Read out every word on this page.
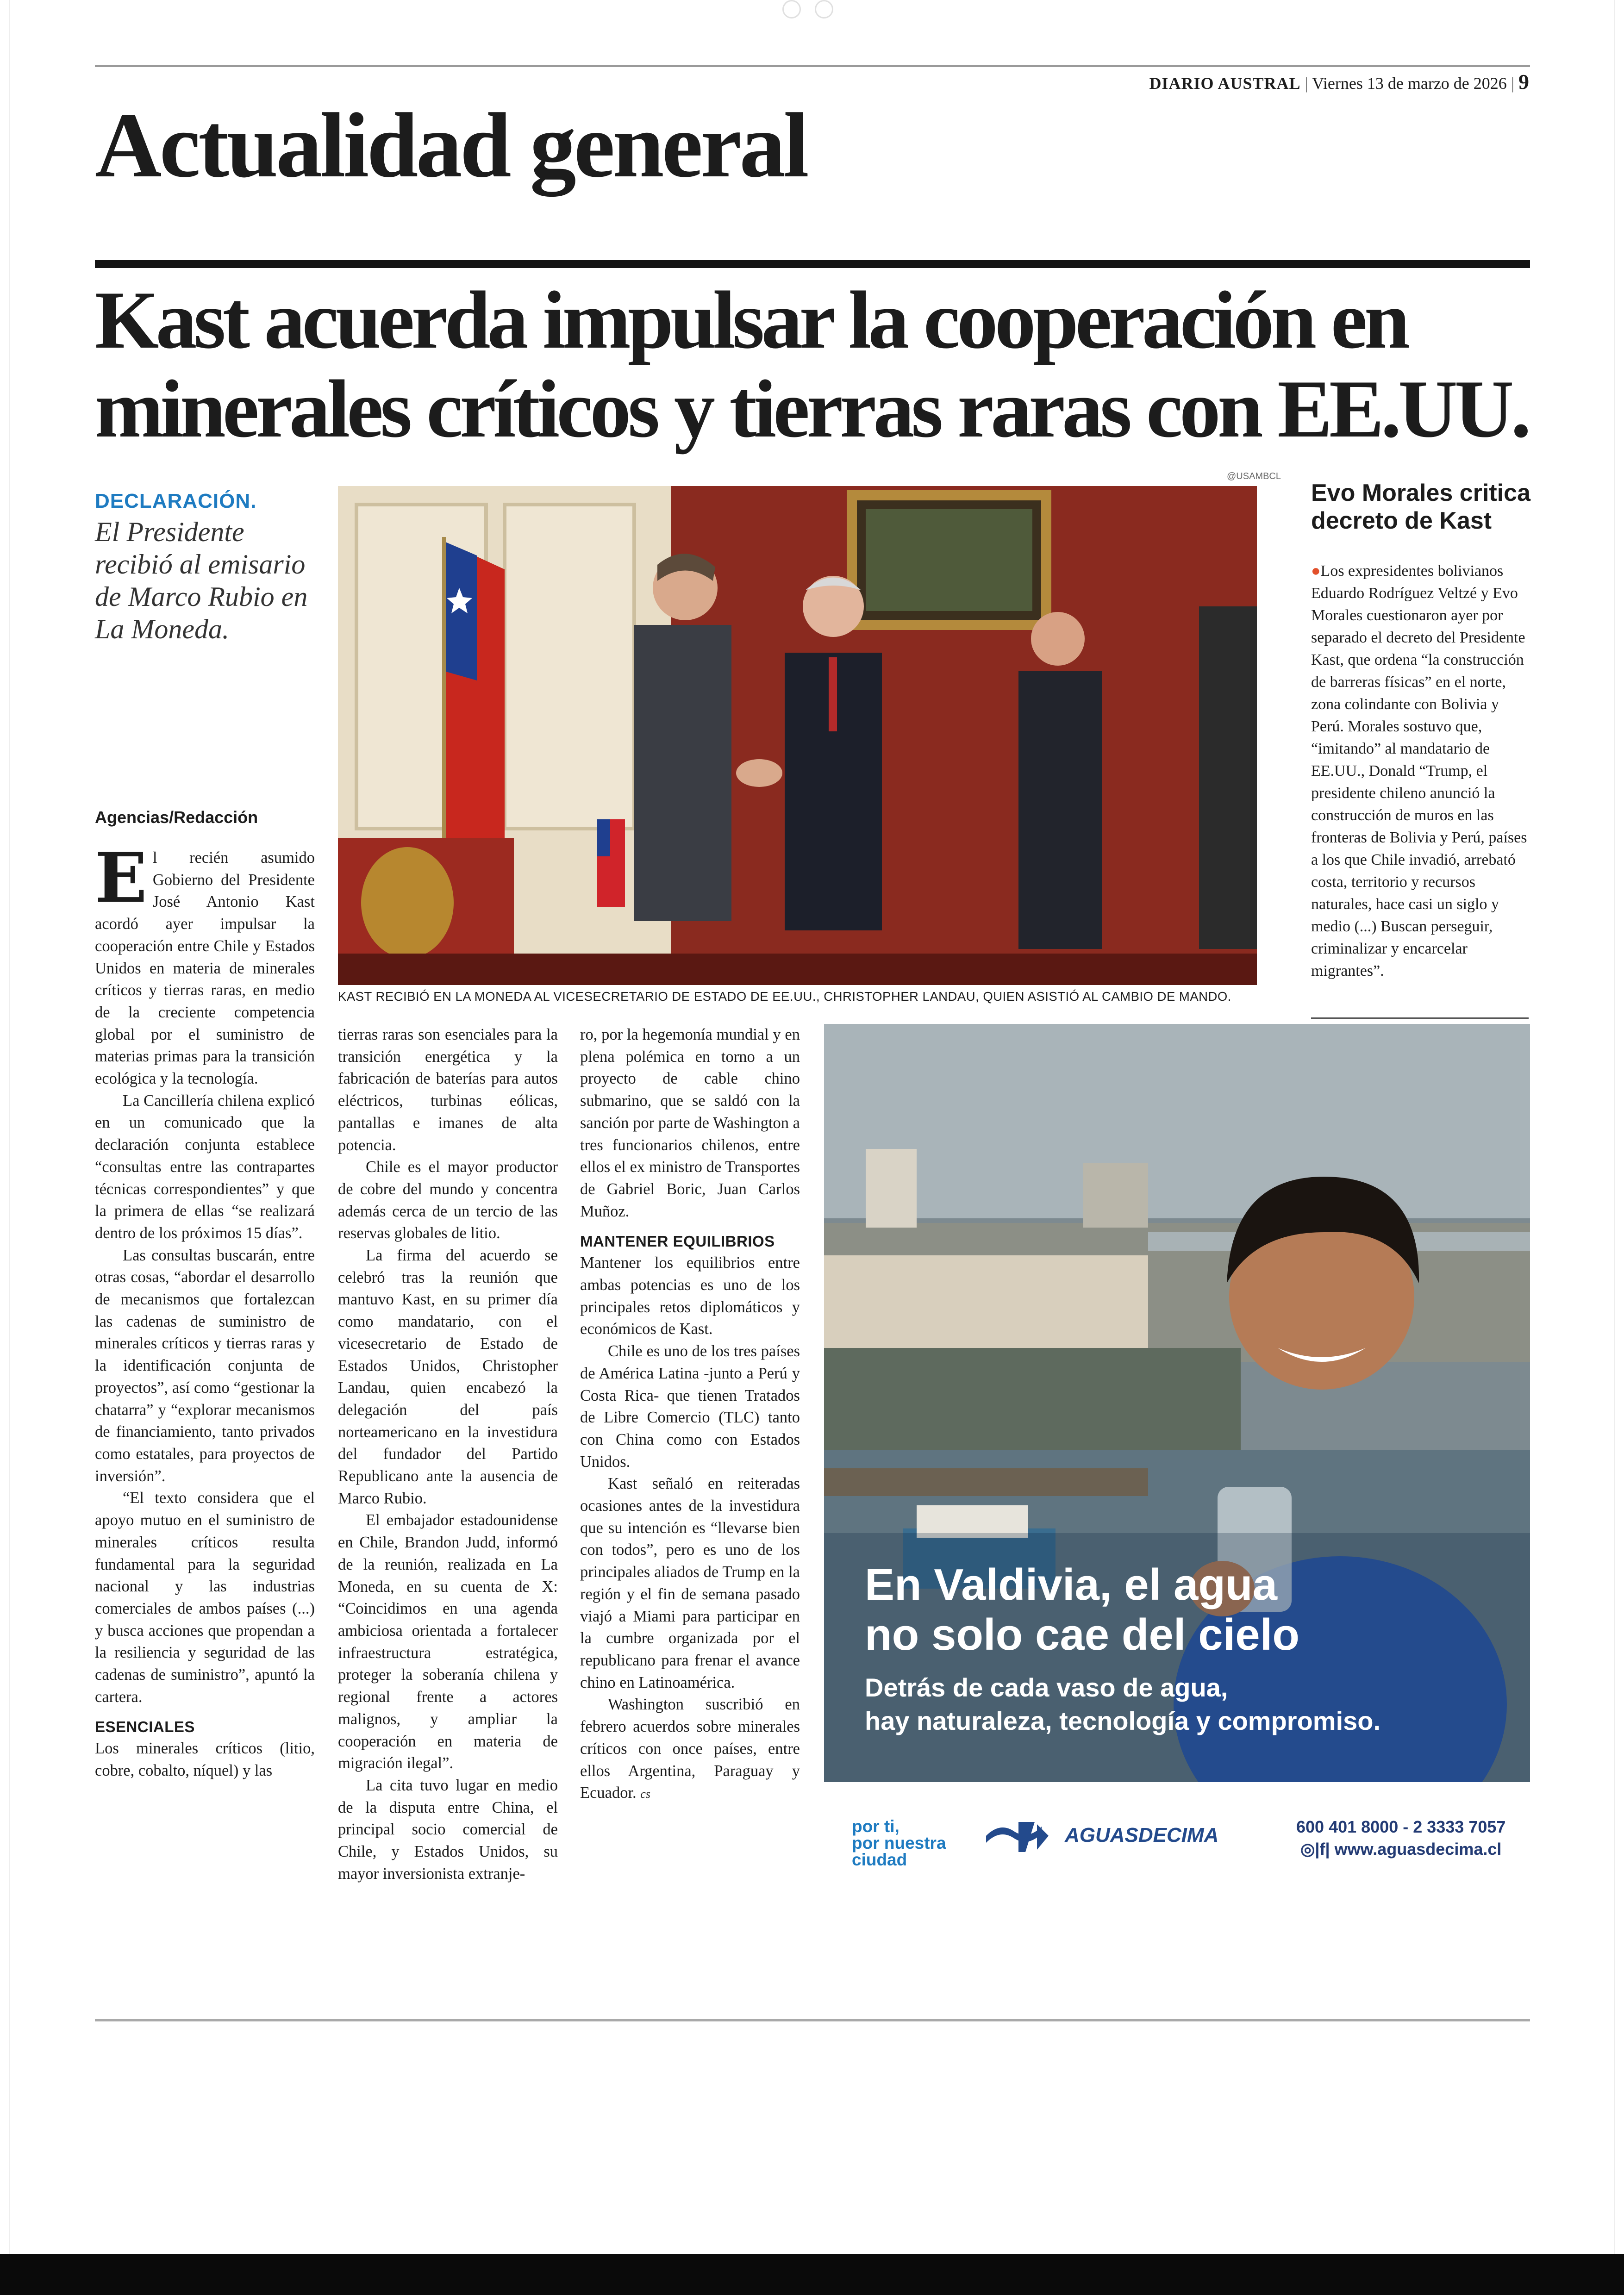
DIARIO AUSTRAL | Viernes 13 de marzo de 2026 | 9
Actualidad general
Kast acuerda impulsar la cooperación en minerales críticos y tierras raras con EE.UU.
DECLARACIÓN.
El Presidente recibió al emisario de Marco Rubio en La Moneda.
Agencias/Redacción

El recién asumido Gobierno del Presidente José Antonio Kast acordó ayer impulsar la cooperación entre Chile y Estados Unidos en materia de minerales críticos y tierras raras, en medio de la creciente competencia global por el suministro de materias primas para la transición ecológica y la tecnología.

La Cancillería chilena explicó en un comunicado que la declaración conjunta establece “consultas entre las contrapartes técnicas correspondientes” y que la primera de ellas “se realizará dentro de los próximos 15 días”.

Las consultas buscarán, entre otras cosas, “abordar el desarrollo de mecanismos que fortalezcan las cadenas de suministro de minerales críticos y tierras raras y la identificación conjunta de proyectos”, así como “gestionar la chatarra” y “explorar mecanismos de financiamiento, tanto privados como estatales, para proyectos de inversión”.

“El texto considera que el apoyo mutuo en el suministro de minerales críticos resulta fundamental para la seguridad nacional y las industrias comerciales de ambos países (...) y busca acciones que propendan a la resiliencia y seguridad de las cadenas de suministro”, apuntó la cartera.

ESENCIALES

Los minerales críticos (litio, cobre, cobalto, níquel) y las

@USAMBCL
KAST RECIBIÓ EN LA MONEDA AL VICESECRETARIO DE ESTADO DE EE.UU., CHRISTOPHER LANDAU, QUIEN ASISTIÓ AL CAMBIO DE MANDO.

tierras raras son esenciales para la transición energética y la fabricación de baterías para autos eléctricos, turbinas eólicas, pantallas e imanes de alta potencia.

Chile es el mayor productor de cobre del mundo y concentra además cerca de un tercio de las reservas globales de litio.

La firma del acuerdo se celebró tras la reunión que mantuvo Kast, en su primer día como mandatario, con el vicesecretario de Estado de Estados Unidos, Christopher Landau, quien encabezó la delegación del país norteamericano en la investidura del fundador del Partido Republicano ante la ausencia de Marco Rubio.

El embajador estadounidense en Chile, Brandon Judd, informó de la reunión, realizada en La Moneda, en su cuenta de X: “Coincidimos en una agenda ambiciosa orientada a fortalecer infraestructura estratégica, proteger la soberanía chilena y regional frente a actores malignos, y ampliar la cooperación en materia de migración ilegal”.

La cita tuvo lugar en medio de la disputa entre China, el principal socio comercial de Chile, y Estados Unidos, su mayor inversionista extranje-

ro, por la hegemonía mundial y en plena polémica en torno a un proyecto de cable chino submarino, que se saldó con la sanción por parte de Washington a tres funcionarios chilenos, entre ellos el ex ministro de Transportes de Gabriel Boric, Juan Carlos Muñoz.

MANTENER EQUILIBRIOS

Mantener los equilibrios entre ambas potencias es uno de los principales retos diplomáticos y económicos de Kast.

Chile es uno de los tres países de América Latina -junto a Perú y Costa Rica- que tienen Tratados de Libre Comercio (TLC) tanto con China como con Estados Unidos.

Kast señaló en reiteradas ocasiones antes de la investidura que su intención es “llevarse bien con todos”, pero es uno de los principales aliados de Trump en la región y el fin de semana pasado viajó a Miami para participar en la cumbre organizada por el republicano para frenar el avance chino en Latinoamérica.

Washington suscribió en febrero acuerdos sobre minerales críticos con once países, entre ellos Argentina, Paraguay y Ecuador. cs

Evo Morales critica decreto de Kast
●Los expresidentes bolivianos Eduardo Rodríguez Veltzé y Evo Morales cuestionaron ayer por separado el decreto del Presidente Kast, que ordena “la construcción de barreras físicas” en el norte, zona colindante con Bolivia y Perú. Morales sostuvo que, “imitando” al mandatario de EE.UU., Donald “Trump, el presidente chileno anunció la construcción de muros en las fronteras de Bolivia y Perú, países a los que Chile invadió, arrebató costa, territorio y recursos naturales, hace casi un siglo y medio (...) Buscan perseguir, criminalizar y encarcelar migrantes”.
En Valdivia, el agua
no solo cae del cielo
Detrás de cada vaso de agua,
hay naturaleza, tecnología y compromiso.
por ti,
por nuestra
ciudad
AGUASDECIMA	600 401 8000 - 2 3333 7057
◎|f| www.aguasdecima.cl
